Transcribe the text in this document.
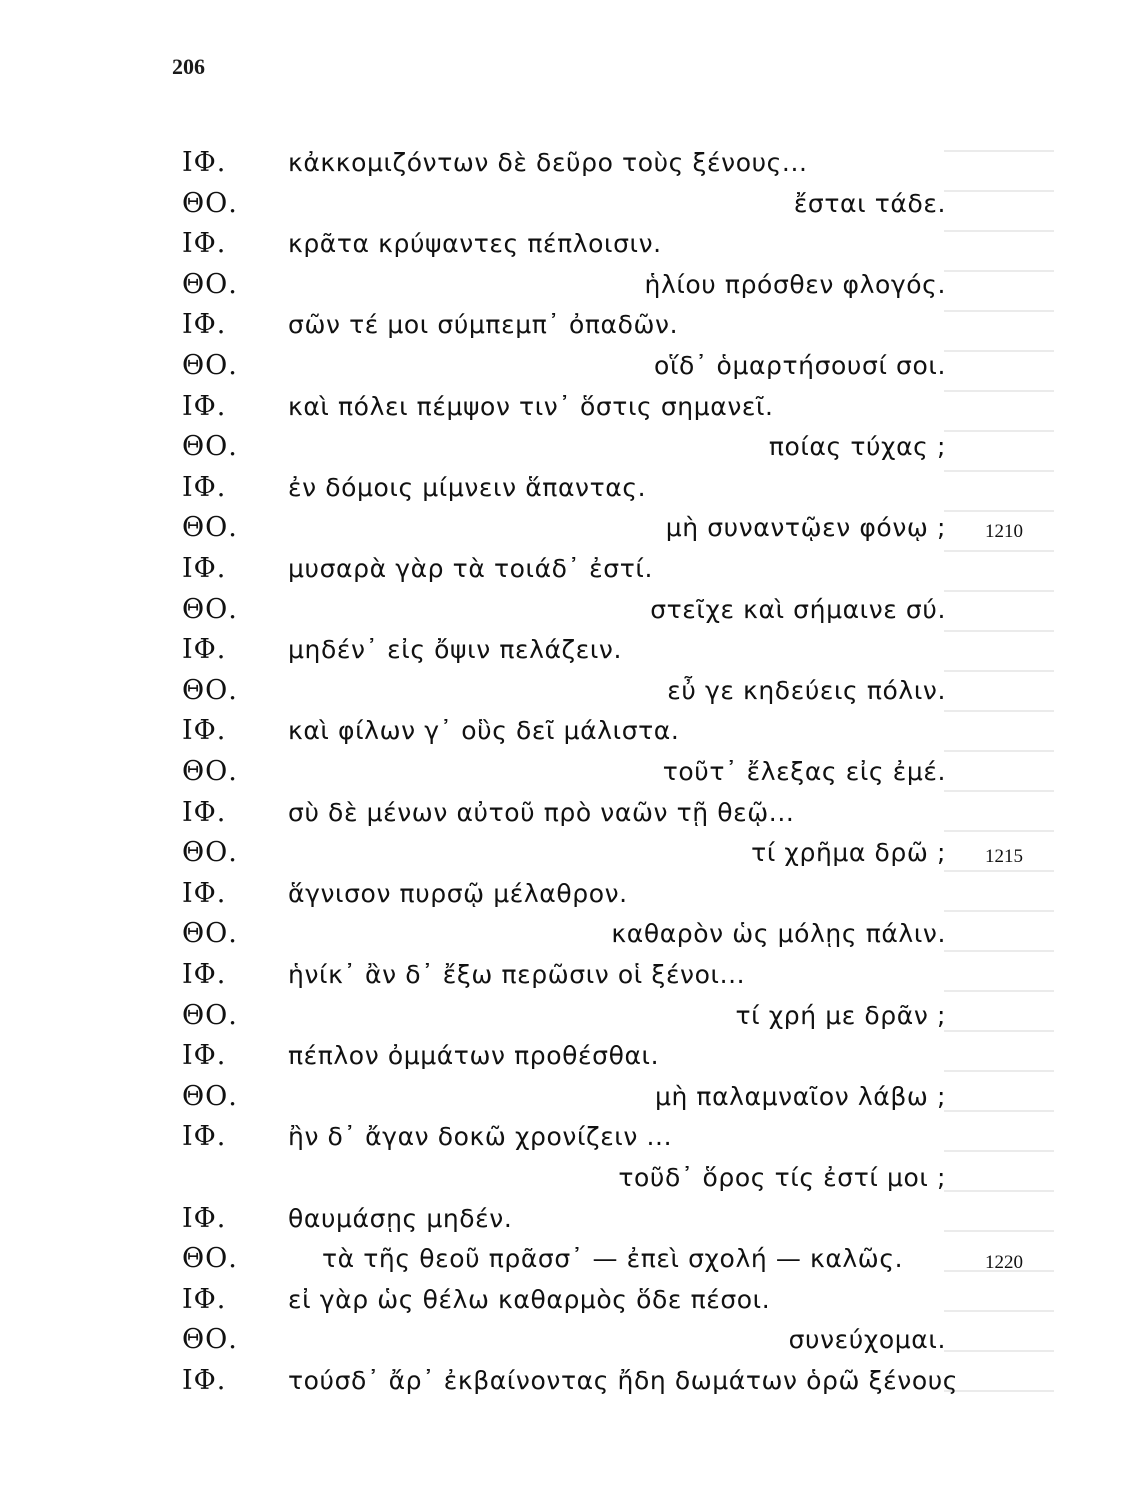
206
ΙΦ. κἀκκομιζόντων δὲ δεῦρο τοὺς ξένους...
ΘΟ.	ἔσται τάδε.
ΙΦ. κρᾶτα κρύψαντες πέπλοισιν.
ΘΟ.	ἡλίου πρόσθεν φλογός.
ΙΦ. σῶν τέ μοι σύμπεμπ᾽ ὀπαδῶν.
ΘΟ.	οἵδ᾽ ὁμαρτήσουσί σοι.
ΙΦ. καὶ πόλει πέμψον τιν᾽ ὅστις σημανεῖ.
ΘΟ.	ποίας τύχας ;
ΙΦ. ἐν δόμοις μίμνειν ἅπαντας.
ΘΟ.	μὴ συναντῷεν φόνῳ ; 1210
ΙΦ. μυσαρὰ γὰρ τὰ τοιάδ᾽ ἐστί.
ΘΟ.	στεῖχε καὶ σήμαινε σύ.
ΙΦ. μηδέν᾽ εἰς ὄψιν πελάζειν.
ΘΟ.	εὖ γε κηδεύεις πόλιν.
ΙΦ. καὶ φίλων γ᾽ οὓς δεῖ μάλιστα.
ΘΟ.	τοῦτ᾽ ἔλεξας εἰς ἐμέ.
ΙΦ. σὺ δὲ μένων αὐτοῦ πρὸ ναῶν τῇ θεῷ...
ΘΟ.	τί χρῆμα δρῶ ; 1215
ΙΦ. ἅγνισον πυρσῷ μέλαθρον.
ΘΟ.	καθαρὸν ὡς μόλῃς πάλιν.
ΙΦ. ἡνίκ᾽ ἂν δ᾽ ἔξω περῶσιν οἱ ξένοι...
ΘΟ.	τί χρή με δρᾶν ;
ΙΦ. πέπλον ὀμμάτων προθέσθαι.
ΘΟ.	μὴ παλαμναῖον λάβω ;
ΙΦ. ἢν δ᾽ ἄγαν δοκῶ χρονίζειν ...
τοῦδ᾽ ὅρος τίς ἐστί μοι ;
ΙΦ. θαυμάσῃς μηδέν.
ΘΟ.	τὰ τῆς θεοῦ πρᾶσσ᾽ — ἐπεὶ σχολή — καλῶς.	1220
ΙΦ. εἰ γὰρ ὡς θέλω καθαρμὸς ὅδε πέσοι.
ΘΟ.	συνεύχομαι.
ΙΦ. τούσδ᾽ ἄρ᾽ ἐκβαίνοντας ἤδη δωμάτων ὁρῶ ξένους
